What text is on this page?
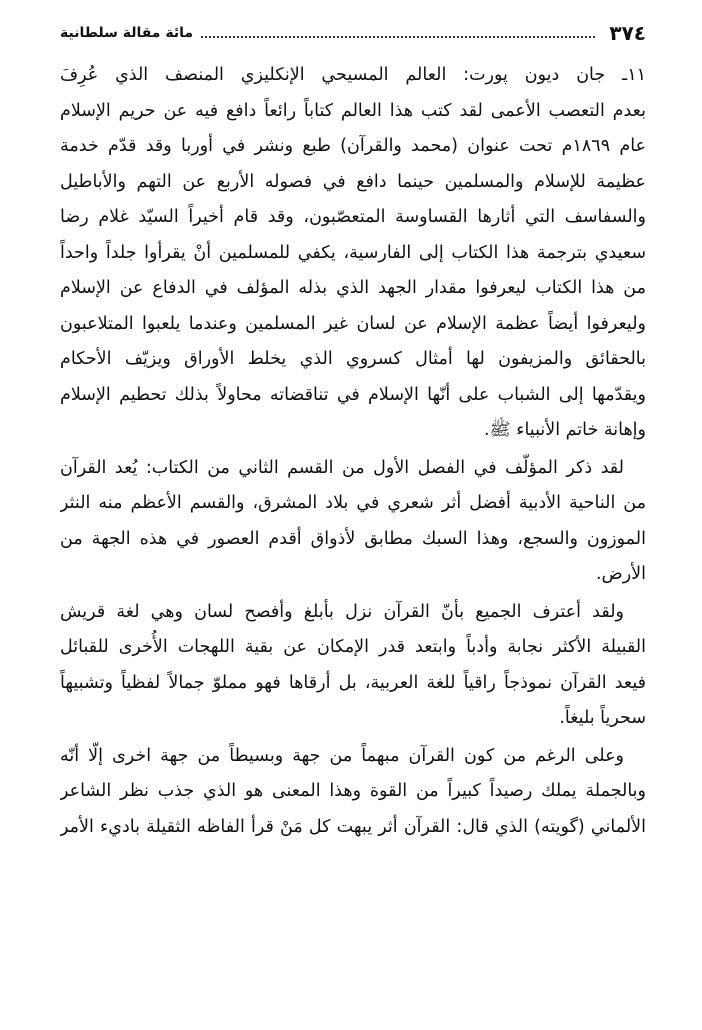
٣٧٤
مائة مقالة سلطانية
١١ـ جان ديون پورت: العالم المسيحي الإنكليزي المنصف الذي عُرِفَ
بعدم التعصب الأعمى لقد كتب هذا العالم كتاباً رائعاً دافع فيه عن حريم الإسلام
عام ١٨٦٩م تحت عنوان (محمد والقرآن) طبع ونشر في أوربا وقد قدّم خدمة
عظيمة للإسلام والمسلمين حينما دافع في فصوله الأربع عن التهم والأباطيل
والسفاسف التي أثارها القساوسة المتعصّبون، وقد قام أخيراً السيّد غلام رضا
سعيدي بترجمة هذا الكتاب إلى الفارسية، يكفي للمسلمين أنْ يقرأوا جلداً واحداً
من هذا الكتاب ليعرفوا مقدار الجهد الذي بذله المؤلف في الدفاع عن الإسلام
وليعرفوا أيضاً عظمة الإسلام عن لسان غير المسلمين وعندما يلعبوا المتلاعبون
بالحقائق والمزيفون لها أمثال كسروي الذي يخلط الأوراق ويزيّف الأحكام
ويقدّمها إلى الشباب على أنّها الإسلام في تناقضاته محاولاً بذلك تحطيم الإسلام
وإهانة خاتم الأنبياء ﷺ.
لقد ذكر المؤلّف في الفصل الأول من القسم الثاني من الكتاب: يُعد القرآن
من الناحية الأدبية أفضل أثر شعري في بلاد المشرق، والقسم الأعظم منه النثر
الموزون والسجع، وهذا السبك مطابق لأذواق أقدم العصور في هذه الجهة من
الأرض.
ولقد أعترف الجميع بأنّ القرآن نزل بأبلغ وأفصح لسان وهي لغة قريش
القبيلة الأكثر نجابة وأدباً وابتعد قدر الإمكان عن بقية اللهجات الأُخرى للقبائل
فيعد القرآن نموذجاً راقياً للغة العربية، بل أرقاها فهو مملوّ جمالاً لفظياً وتشبيهاً
سحرياً بليغاً.
وعلى الرغم من كون القرآن مبهماً من جهة وبسيطاً من جهة اخرى إلّا أنّه
وبالجملة يملك رصيداً كبيراً من القوة وهذا المعنى هو الذي جذب نظر الشاعر
الألماني (گويته) الذي قال: القرآن أثر يبهت كل مَنْ قرأ الفاظه الثقيلة باديء الأمر
